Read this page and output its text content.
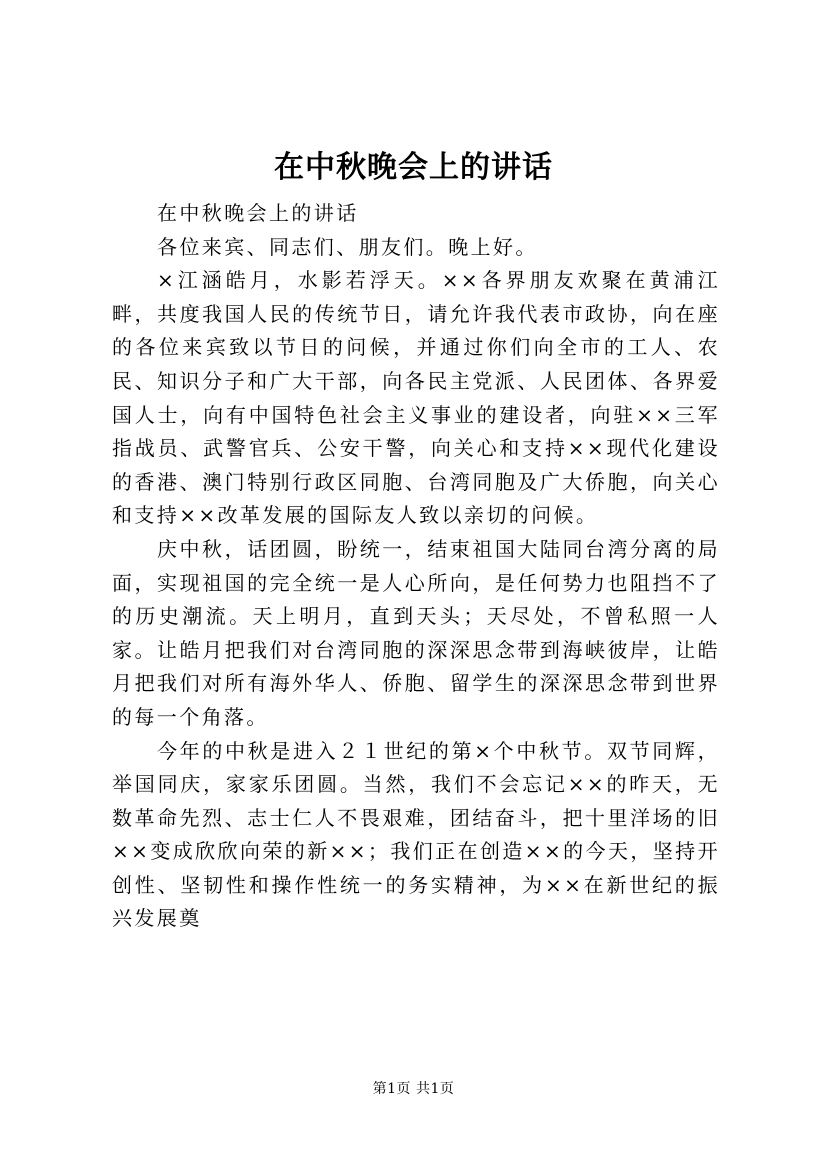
在中秋晚会上的讲话

在中秋晚会上的讲话

各位来宾、同志们、朋友们。晚上好。

×江涵皓月，水影若浮天。××各界朋友欢聚在黄浦江畔，共度我国人民的传统节日，请允许我代表市政协，向在座的各位来宾致以节日的问候，并通过你们向全市的工人、农民、知识分子和广大干部，向各民主党派、人民团体、各界爱国人士，向有中国特色社会主义事业的建设者，向驻××三军指战员、武警官兵、公安干警，向关心和支持××现代化建设的香港、澳门特别行政区同胞、台湾同胞及广大侨胞，向关心和支持××改革发展的国际友人致以亲切的问候。

庆中秋，话团圆，盼统一，结束祖国大陆同台湾分离的局面，实现祖国的完全统一是人心所向，是任何势力也阻挡不了的历史潮流。天上明月，直到天头；天尽处，不曾私照一人家。让皓月把我们对台湾同胞的深深思念带到海峡彼岸，让皓月把我们对所有海外华人、侨胞、留学生的深深思念带到世界的每一个角落。

今年的中秋是进入２１世纪的第×个中秋节。双节同辉，举国同庆，家家乐团圆。当然，我们不会忘记××的昨天，无数革命先烈、志士仁人不畏艰难，团结奋斗，把十里洋场的旧××变成欣欣向荣的新××；我们正在创造××的今天，坚持开创性、坚韧性和操作性统一的务实精神，为××在新世纪的振兴发展奠

第1页 共1页
